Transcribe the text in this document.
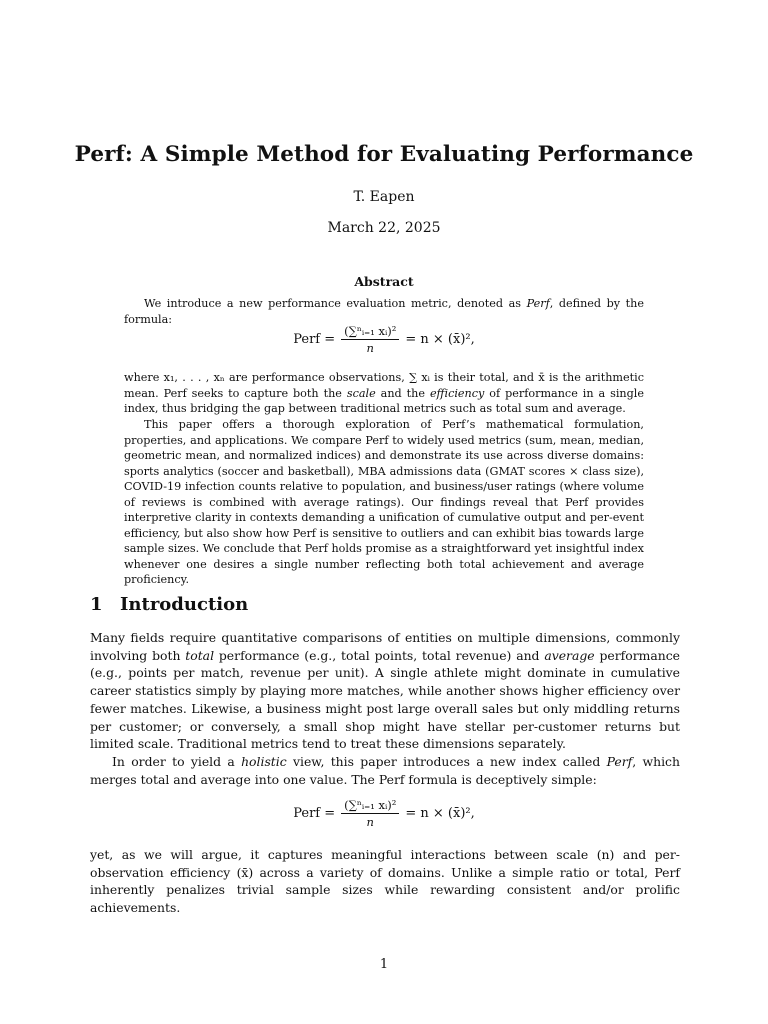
Perf: A Simple Method for Evaluating Performance
T. Eapen
March 22, 2025
Abstract

We introduce a new performance evaluation metric, denoted as Perf, defined by the formula:

Perf = $\frac{\text{(∑ⁿᵢ₌₁ xᵢ)²}}{n} = n$ × (x̄)²,

where x₁, . . . , xₙ are performance observations, ∑ xᵢ is their total, and x̄ is the arithmetic mean. Perf seeks to capture both the scale and the efficiency of performance in a single index, thus bridging the gap between traditional metrics such as total sum and average.

This paper offers a thorough exploration of Perf’s mathematical formulation, properties, and applications. We compare Perf to widely used metrics (sum, mean, median, geometric mean, and normalized indices) and demonstrate its use across diverse domains: sports analytics (soccer and basketball), MBA admissions data (GMAT scores × class size), COVID-19 infection counts relative to population, and business/user ratings (where volume of reviews is combined with average ratings). Our findings reveal that Perf provides interpretive clarity in contexts demanding a unification of cumulative output and per-event efficiency, but also show how Perf is sensitive to outliers and can exhibit bias towards large sample sizes. We conclude that Perf holds promise as a straightforward yet insightful index whenever one desires a single number reflecting both total achievement and average proficiency.

1 Introduction

Many fields require quantitative comparisons of entities on multiple dimensions, commonly involving both total performance (e.g., total points, total revenue) and average performance (e.g., points per match, revenue per unit). A single athlete might dominate in cumulative career statistics simply by playing more matches, while another shows higher efficiency over fewer matches. Likewise, a business might post large overall sales but only middling returns per customer; or conversely, a small shop might have stellar per-customer returns but limited scale. Traditional metrics tend to treat these dimensions separately.

In order to yield a holistic view, this paper introduces a new index called Perf, which merges total and average into one value. The Perf formula is deceptively simple:

Perf = $\frac{\text{(∑ⁿᵢ₌₁ xᵢ)²}}{n} = n$ × (x̄)²,

yet, as we will argue, it captures meaningful interactions between scale (n) and per-observation efficiency (x̄) across a variety of domains. Unlike a simple ratio or total, Perf inherently penalizes trivial sample sizes while rewarding consistent and/or prolific achievements.

1
